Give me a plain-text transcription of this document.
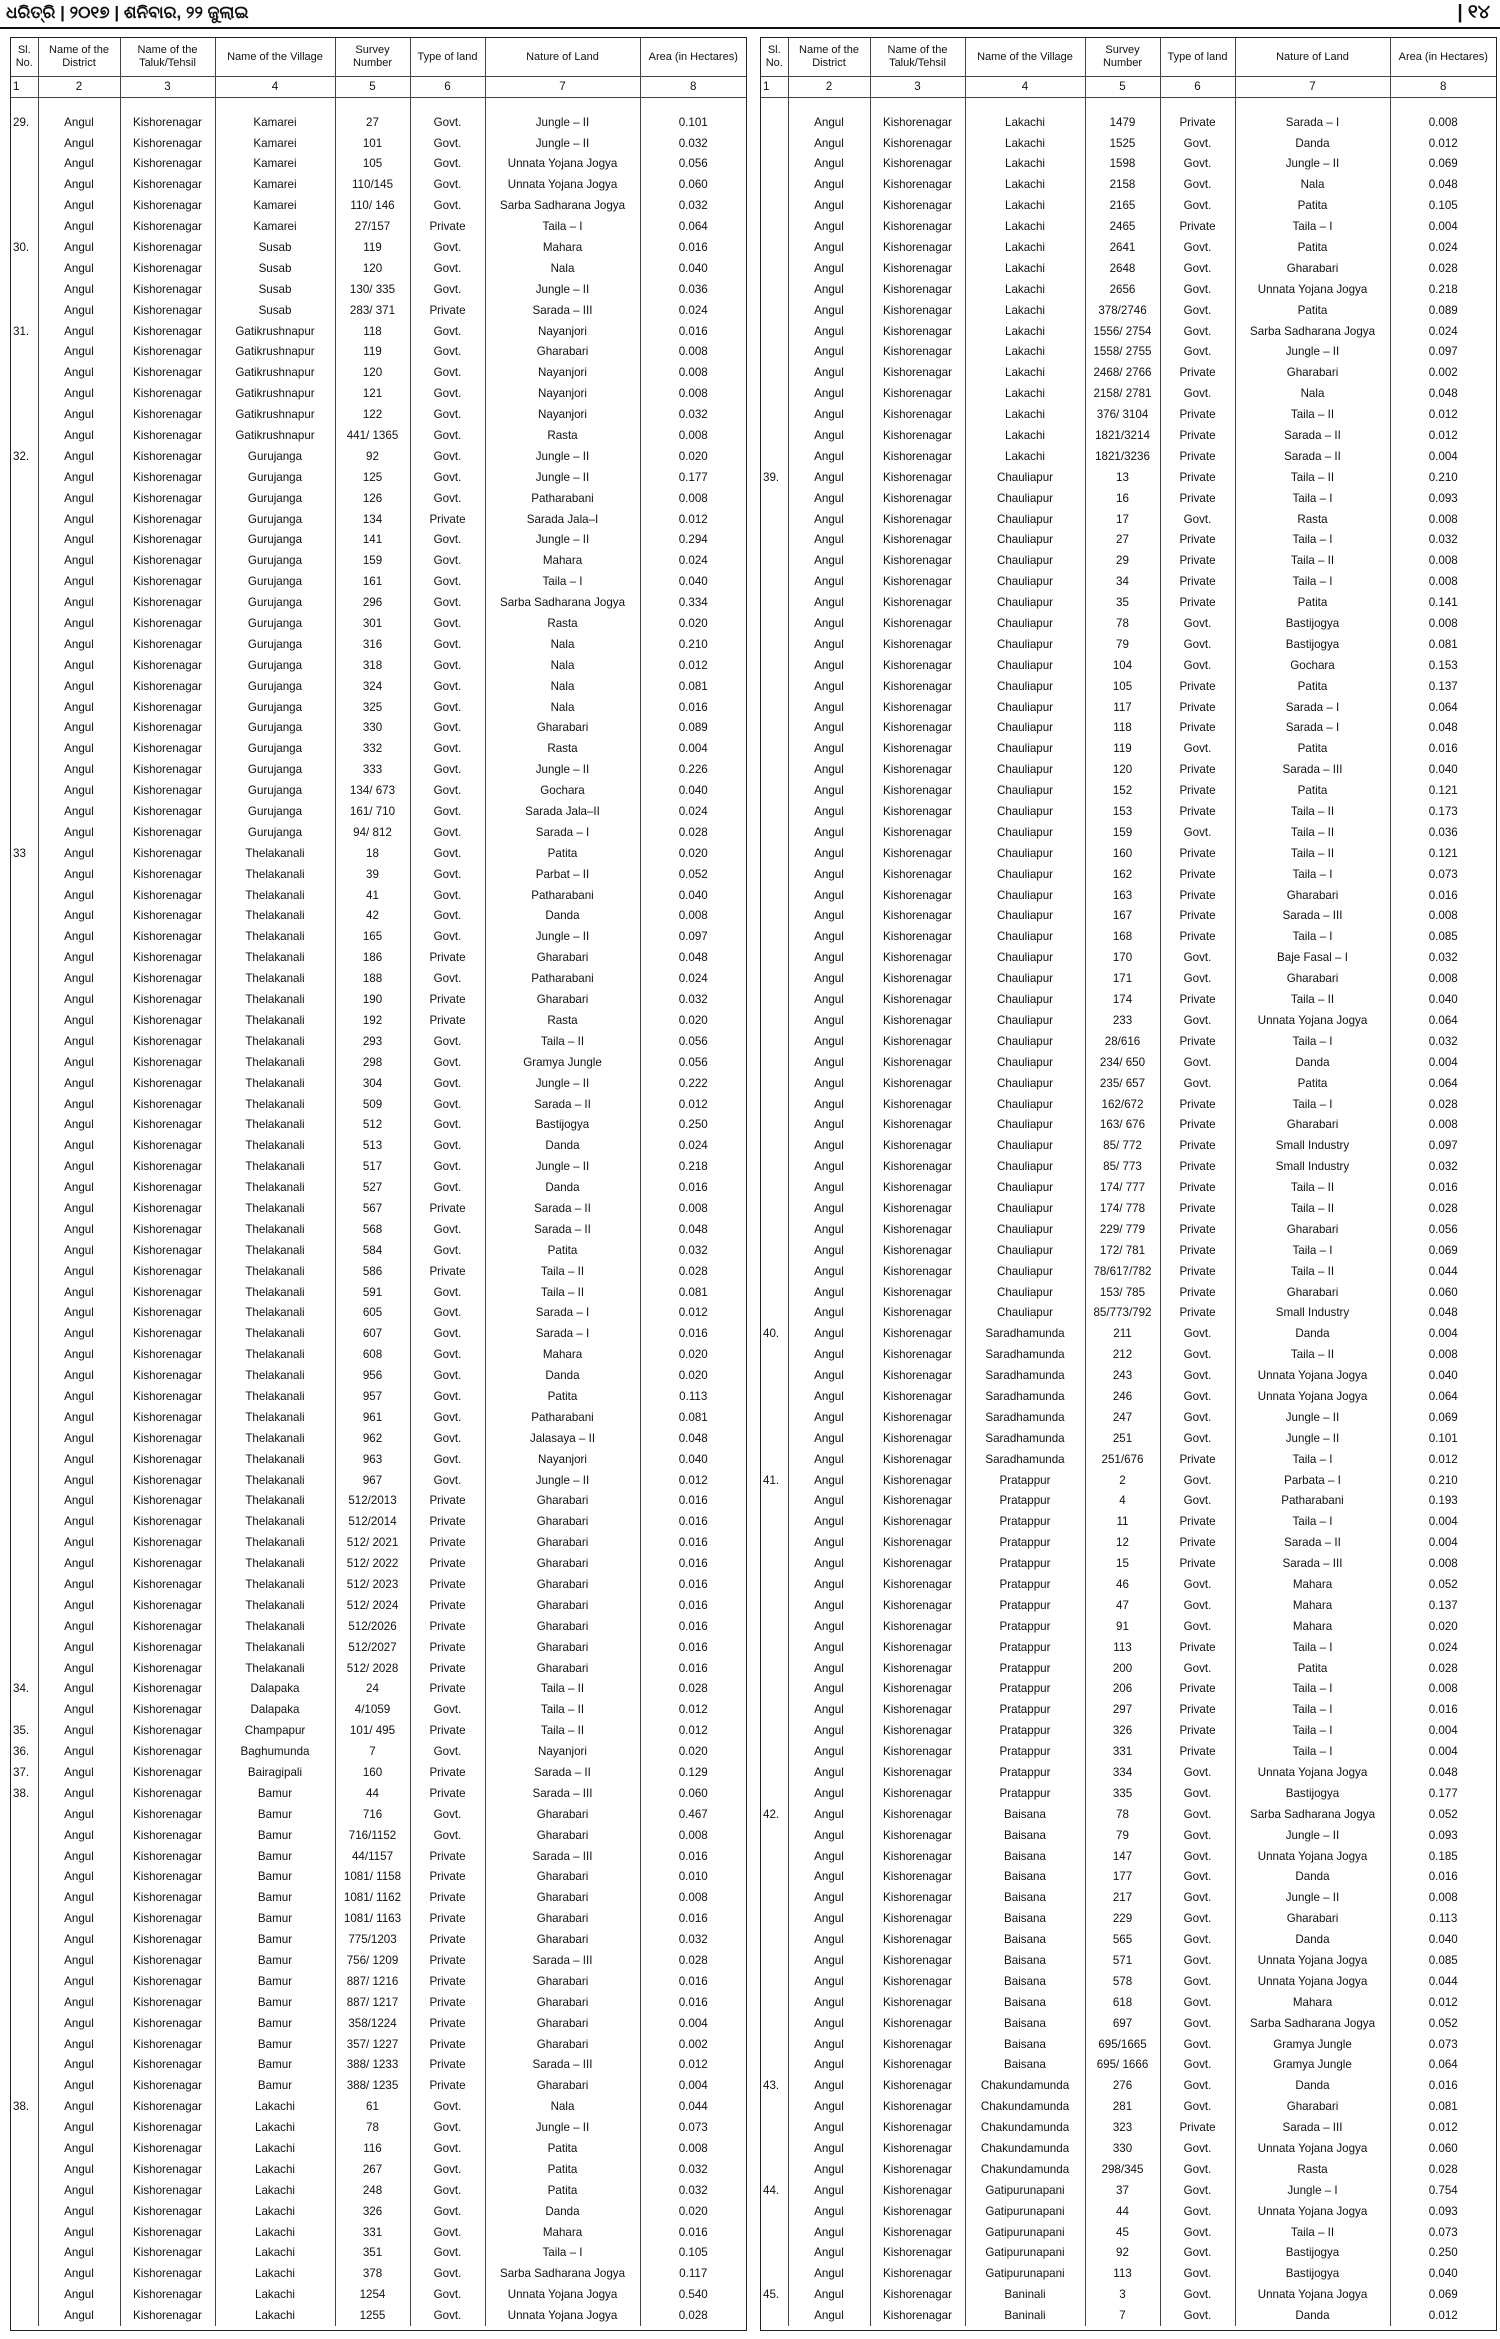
ଧରିତ୍ରି | ୨୦୧୭ | ଶନିବାର, ୨୨ ଜୁଲାଇ	| ୧୪
Sl. No.	Name of the District	Name of the Taluk/Tehsil	Name of the Village	Survey Number	Type of land	Nature of Land	Area (in Hectares)
1	2	3	4	5	6	7	8

29.	Angul	Kishorenagar	Kamarei	27	Govt.	Jungle – II	0.101
	Angul	Kishorenagar	Kamarei	101	Govt.	Jungle – II	0.032
	Angul	Kishorenagar	Kamarei	105	Govt.	Unnata Yojana Jogya	0.056
	Angul	Kishorenagar	Kamarei	110/145	Govt.	Unnata Yojana Jogya	0.060
	Angul	Kishorenagar	Kamarei	110/ 146	Govt.	Sarba Sadharana Jogya	0.032
	Angul	Kishorenagar	Kamarei	27/157	Private	Taila – I	0.064
30.	Angul	Kishorenagar	Susab	119	Govt.	Mahara	0.016
	Angul	Kishorenagar	Susab	120	Govt.	Nala	0.040
	Angul	Kishorenagar	Susab	130/ 335	Govt.	Jungle – II	0.036
	Angul	Kishorenagar	Susab	283/ 371	Private	Sarada – III	0.024
31.	Angul	Kishorenagar	Gatikrushnapur	118	Govt.	Nayanjori	0.016
	Angul	Kishorenagar	Gatikrushnapur	119	Govt.	Gharabari	0.008
	Angul	Kishorenagar	Gatikrushnapur	120	Govt.	Nayanjori	0.008
	Angul	Kishorenagar	Gatikrushnapur	121	Govt.	Nayanjori	0.008
	Angul	Kishorenagar	Gatikrushnapur	122	Govt.	Nayanjori	0.032
	Angul	Kishorenagar	Gatikrushnapur	441/ 1365	Govt.	Rasta	0.008
32.	Angul	Kishorenagar	Gurujanga	92	Govt.	Jungle – II	0.020
	Angul	Kishorenagar	Gurujanga	125	Govt.	Jungle – II	0.177
	Angul	Kishorenagar	Gurujanga	126	Govt.	Patharabani	0.008
	Angul	Kishorenagar	Gurujanga	134	Private	Sarada Jala–I	0.012
	Angul	Kishorenagar	Gurujanga	141	Govt.	Jungle – II	0.294
	Angul	Kishorenagar	Gurujanga	159	Govt.	Mahara	0.024
	Angul	Kishorenagar	Gurujanga	161	Govt.	Taila – I	0.040
	Angul	Kishorenagar	Gurujanga	296	Govt.	Sarba Sadharana Jogya	0.334
	Angul	Kishorenagar	Gurujanga	301	Govt.	Rasta	0.020
	Angul	Kishorenagar	Gurujanga	316	Govt.	Nala	0.210
	Angul	Kishorenagar	Gurujanga	318	Govt.	Nala	0.012
	Angul	Kishorenagar	Gurujanga	324	Govt.	Nala	0.081
	Angul	Kishorenagar	Gurujanga	325	Govt.	Nala	0.016
	Angul	Kishorenagar	Gurujanga	330	Govt.	Gharabari	0.089
	Angul	Kishorenagar	Gurujanga	332	Govt.	Rasta	0.004
	Angul	Kishorenagar	Gurujanga	333	Govt.	Jungle – II	0.226
	Angul	Kishorenagar	Gurujanga	134/ 673	Govt.	Gochara	0.040
	Angul	Kishorenagar	Gurujanga	161/ 710	Govt.	Sarada Jala–II	0.024
	Angul	Kishorenagar	Gurujanga	94/ 812	Govt.	Sarada – I	0.028
33	Angul	Kishorenagar	Thelakanali	18	Govt.	Patita	0.020
	Angul	Kishorenagar	Thelakanali	39	Govt.	Parbat – II	0.052
	Angul	Kishorenagar	Thelakanali	41	Govt.	Patharabani	0.040
	Angul	Kishorenagar	Thelakanali	42	Govt.	Danda	0.008
	Angul	Kishorenagar	Thelakanali	165	Govt.	Jungle – II	0.097
	Angul	Kishorenagar	Thelakanali	186	Private	Gharabari	0.048
	Angul	Kishorenagar	Thelakanali	188	Govt.	Patharabani	0.024
	Angul	Kishorenagar	Thelakanali	190	Private	Gharabari	0.032
	Angul	Kishorenagar	Thelakanali	192	Private	Rasta	0.020
	Angul	Kishorenagar	Thelakanali	293	Govt.	Taila – II	0.056
	Angul	Kishorenagar	Thelakanali	298	Govt.	Gramya Jungle	0.056
	Angul	Kishorenagar	Thelakanali	304	Govt.	Jungle – II	0.222
	Angul	Kishorenagar	Thelakanali	509	Govt.	Sarada – II	0.012
	Angul	Kishorenagar	Thelakanali	512	Govt.	Bastijogya	0.250
	Angul	Kishorenagar	Thelakanali	513	Govt.	Danda	0.024
	Angul	Kishorenagar	Thelakanali	517	Govt.	Jungle – II	0.218
	Angul	Kishorenagar	Thelakanali	527	Govt.	Danda	0.016
	Angul	Kishorenagar	Thelakanali	567	Private	Sarada – II	0.008
	Angul	Kishorenagar	Thelakanali	568	Govt.	Sarada – II	0.048
	Angul	Kishorenagar	Thelakanali	584	Govt.	Patita	0.032
	Angul	Kishorenagar	Thelakanali	586	Private	Taila – II	0.028
	Angul	Kishorenagar	Thelakanali	591	Govt.	Taila – II	0.081
	Angul	Kishorenagar	Thelakanali	605	Govt.	Sarada – I	0.012
	Angul	Kishorenagar	Thelakanali	607	Govt.	Sarada – I	0.016
	Angul	Kishorenagar	Thelakanali	608	Govt.	Mahara	0.020
	Angul	Kishorenagar	Thelakanali	956	Govt.	Danda	0.020
	Angul	Kishorenagar	Thelakanali	957	Govt.	Patita	0.113
	Angul	Kishorenagar	Thelakanali	961	Govt.	Patharabani	0.081
	Angul	Kishorenagar	Thelakanali	962	Govt.	Jalasaya – II	0.048
	Angul	Kishorenagar	Thelakanali	963	Govt.	Nayanjori	0.040
	Angul	Kishorenagar	Thelakanali	967	Govt.	Jungle – II	0.012
	Angul	Kishorenagar	Thelakanali	512/2013	Private	Gharabari	0.016
	Angul	Kishorenagar	Thelakanali	512/2014	Private	Gharabari	0.016
	Angul	Kishorenagar	Thelakanali	512/ 2021	Private	Gharabari	0.016
	Angul	Kishorenagar	Thelakanali	512/ 2022	Private	Gharabari	0.016
	Angul	Kishorenagar	Thelakanali	512/ 2023	Private	Gharabari	0.016
	Angul	Kishorenagar	Thelakanali	512/ 2024	Private	Gharabari	0.016
	Angul	Kishorenagar	Thelakanali	512/2026	Private	Gharabari	0.016
	Angul	Kishorenagar	Thelakanali	512/2027	Private	Gharabari	0.016
	Angul	Kishorenagar	Thelakanali	512/ 2028	Private	Gharabari	0.016
34.	Angul	Kishorenagar	Dalapaka	24	Private	Taila – II	0.028
	Angul	Kishorenagar	Dalapaka	4/1059	Govt.	Taila – II	0.012
35.	Angul	Kishorenagar	Champapur	101/ 495	Private	Taila – II	0.012
36.	Angul	Kishorenagar	Baghumunda	7	Govt.	Nayanjori	0.020
37.	Angul	Kishorenagar	Bairagipali	160	Private	Sarada – II	0.129
38.	Angul	Kishorenagar	Bamur	44	Private	Sarada – III	0.060
	Angul	Kishorenagar	Bamur	716	Govt.	Gharabari	0.467
	Angul	Kishorenagar	Bamur	716/1152	Govt.	Gharabari	0.008
	Angul	Kishorenagar	Bamur	44/1157	Private	Sarada – III	0.016
	Angul	Kishorenagar	Bamur	1081/ 1158	Private	Gharabari	0.010
	Angul	Kishorenagar	Bamur	1081/ 1162	Private	Gharabari	0.008
	Angul	Kishorenagar	Bamur	1081/ 1163	Private	Gharabari	0.016
	Angul	Kishorenagar	Bamur	775/1203	Private	Gharabari	0.032
	Angul	Kishorenagar	Bamur	756/ 1209	Private	Sarada – III	0.028
	Angul	Kishorenagar	Bamur	887/ 1216	Private	Gharabari	0.016
	Angul	Kishorenagar	Bamur	887/ 1217	Private	Gharabari	0.016
	Angul	Kishorenagar	Bamur	358/1224	Private	Gharabari	0.004
	Angul	Kishorenagar	Bamur	357/ 1227	Private	Gharabari	0.002
	Angul	Kishorenagar	Bamur	388/ 1233	Private	Sarada – III	0.012
	Angul	Kishorenagar	Bamur	388/ 1235	Private	Gharabari	0.004
38.	Angul	Kishorenagar	Lakachi	61	Govt.	Nala	0.044
	Angul	Kishorenagar	Lakachi	78	Govt.	Jungle – II	0.073
	Angul	Kishorenagar	Lakachi	116	Govt.	Patita	0.008
	Angul	Kishorenagar	Lakachi	267	Govt.	Patita	0.032
	Angul	Kishorenagar	Lakachi	248	Govt.	Patita	0.032
	Angul	Kishorenagar	Lakachi	326	Govt.	Danda	0.020
	Angul	Kishorenagar	Lakachi	331	Govt.	Mahara	0.016
	Angul	Kishorenagar	Lakachi	351	Govt.	Taila – I	0.105
	Angul	Kishorenagar	Lakachi	378	Govt.	Sarba Sadharana Jogya	0.117
	Angul	Kishorenagar	Lakachi	1254	Govt.	Unnata Yojana Jogya	0.540
	Angul	Kishorenagar	Lakachi	1255	Govt.	Unnata Yojana Jogya	0.028
Sl. No.	Name of the District	Name of the Taluk/Tehsil	Name of the Village	Survey Number	Type of land	Nature of Land	Area (in Hectares)
1	2	3	4	5	6	7	8

	Angul	Kishorenagar	Lakachi	1479	Private	Sarada – I	0.008
	Angul	Kishorenagar	Lakachi	1525	Govt.	Danda	0.012
	Angul	Kishorenagar	Lakachi	1598	Govt.	Jungle – II	0.069
	Angul	Kishorenagar	Lakachi	2158	Govt.	Nala	0.048
	Angul	Kishorenagar	Lakachi	2165	Govt.	Patita	0.105
	Angul	Kishorenagar	Lakachi	2465	Private	Taila – I	0.004
	Angul	Kishorenagar	Lakachi	2641	Govt.	Patita	0.024
	Angul	Kishorenagar	Lakachi	2648	Govt.	Gharabari	0.028
	Angul	Kishorenagar	Lakachi	2656	Govt.	Unnata Yojana Jogya	0.218
	Angul	Kishorenagar	Lakachi	378/2746	Govt.	Patita	0.089
	Angul	Kishorenagar	Lakachi	1556/ 2754	Govt.	Sarba Sadharana Jogya	0.024
	Angul	Kishorenagar	Lakachi	1558/ 2755	Govt.	Jungle – II	0.097
	Angul	Kishorenagar	Lakachi	2468/ 2766	Private	Gharabari	0.002
	Angul	Kishorenagar	Lakachi	2158/ 2781	Govt.	Nala	0.048
	Angul	Kishorenagar	Lakachi	376/ 3104	Private	Taila – II	0.012
	Angul	Kishorenagar	Lakachi	1821/3214	Private	Sarada – II	0.012
	Angul	Kishorenagar	Lakachi	1821/3236	Private	Sarada – II	0.004
39.	Angul	Kishorenagar	Chauliapur	13	Private	Taila – II	0.210
	Angul	Kishorenagar	Chauliapur	16	Private	Taila – I	0.093
	Angul	Kishorenagar	Chauliapur	17	Govt.	Rasta	0.008
	Angul	Kishorenagar	Chauliapur	27	Private	Taila – I	0.032
	Angul	Kishorenagar	Chauliapur	29	Private	Taila – II	0.008
	Angul	Kishorenagar	Chauliapur	34	Private	Taila – I	0.008
	Angul	Kishorenagar	Chauliapur	35	Private	Patita	0.141
	Angul	Kishorenagar	Chauliapur	78	Govt.	Bastijogya	0.008
	Angul	Kishorenagar	Chauliapur	79	Govt.	Bastijogya	0.081
	Angul	Kishorenagar	Chauliapur	104	Govt.	Gochara	0.153
	Angul	Kishorenagar	Chauliapur	105	Private	Patita	0.137
	Angul	Kishorenagar	Chauliapur	117	Private	Sarada – I	0.064
	Angul	Kishorenagar	Chauliapur	118	Private	Sarada – I	0.048
	Angul	Kishorenagar	Chauliapur	119	Govt.	Patita	0.016
	Angul	Kishorenagar	Chauliapur	120	Private	Sarada – III	0.040
	Angul	Kishorenagar	Chauliapur	152	Private	Patita	0.121
	Angul	Kishorenagar	Chauliapur	153	Private	Taila – II	0.173
	Angul	Kishorenagar	Chauliapur	159	Govt.	Taila – II	0.036
	Angul	Kishorenagar	Chauliapur	160	Private	Taila – II	0.121
	Angul	Kishorenagar	Chauliapur	162	Private	Taila – I	0.073
	Angul	Kishorenagar	Chauliapur	163	Private	Gharabari	0.016
	Angul	Kishorenagar	Chauliapur	167	Private	Sarada – III	0.008
	Angul	Kishorenagar	Chauliapur	168	Private	Taila – I	0.085
	Angul	Kishorenagar	Chauliapur	170	Govt.	Baje Fasal – I	0.032
	Angul	Kishorenagar	Chauliapur	171	Govt.	Gharabari	0.008
	Angul	Kishorenagar	Chauliapur	174	Private	Taila – II	0.040
	Angul	Kishorenagar	Chauliapur	233	Govt.	Unnata Yojana Jogya	0.064
	Angul	Kishorenagar	Chauliapur	28/616	Private	Taila – I	0.032
	Angul	Kishorenagar	Chauliapur	234/ 650	Govt.	Danda	0.004
	Angul	Kishorenagar	Chauliapur	235/ 657	Govt.	Patita	0.064
	Angul	Kishorenagar	Chauliapur	162/672	Private	Taila – I	0.028
	Angul	Kishorenagar	Chauliapur	163/ 676	Private	Gharabari	0.008
	Angul	Kishorenagar	Chauliapur	85/ 772	Private	Small Industry	0.097
	Angul	Kishorenagar	Chauliapur	85/ 773	Private	Small Industry	0.032
	Angul	Kishorenagar	Chauliapur	174/ 777	Private	Taila – II	0.016
	Angul	Kishorenagar	Chauliapur	174/ 778	Private	Taila – II	0.028
	Angul	Kishorenagar	Chauliapur	229/ 779	Private	Gharabari	0.056
	Angul	Kishorenagar	Chauliapur	172/ 781	Private	Taila – I	0.069
	Angul	Kishorenagar	Chauliapur	78/617/782	Private	Taila – II	0.044
	Angul	Kishorenagar	Chauliapur	153/ 785	Private	Gharabari	0.060
	Angul	Kishorenagar	Chauliapur	85/773/792	Private	Small Industry	0.048
40.	Angul	Kishorenagar	Saradhamunda	211	Govt.	Danda	0.004
	Angul	Kishorenagar	Saradhamunda	212	Govt.	Taila – II	0.008
	Angul	Kishorenagar	Saradhamunda	243	Govt.	Unnata Yojana Jogya	0.040
	Angul	Kishorenagar	Saradhamunda	246	Govt.	Unnata Yojana Jogya	0.064
	Angul	Kishorenagar	Saradhamunda	247	Govt.	Jungle – II	0.069
	Angul	Kishorenagar	Saradhamunda	251	Govt.	Jungle – II	0.101
	Angul	Kishorenagar	Saradhamunda	251/676	Private	Taila – I	0.012
41.	Angul	Kishorenagar	Pratappur	2	Govt.	Parbata – I	0.210
	Angul	Kishorenagar	Pratappur	4	Govt.	Patharabani	0.193
	Angul	Kishorenagar	Pratappur	11	Private	Taila – I	0.004
	Angul	Kishorenagar	Pratappur	12	Private	Sarada – II	0.004
	Angul	Kishorenagar	Pratappur	15	Private	Sarada – III	0.008
	Angul	Kishorenagar	Pratappur	46	Govt.	Mahara	0.052
	Angul	Kishorenagar	Pratappur	47	Govt.	Mahara	0.137
	Angul	Kishorenagar	Pratappur	91	Govt.	Mahara	0.020
	Angul	Kishorenagar	Pratappur	113	Private	Taila – I	0.024
	Angul	Kishorenagar	Pratappur	200	Govt.	Patita	0.028
	Angul	Kishorenagar	Pratappur	206	Private	Taila – I	0.008
	Angul	Kishorenagar	Pratappur	297	Private	Taila – I	0.016
	Angul	Kishorenagar	Pratappur	326	Private	Taila – I	0.004
	Angul	Kishorenagar	Pratappur	331	Private	Taila – I	0.004
	Angul	Kishorenagar	Pratappur	334	Govt.	Unnata Yojana Jogya	0.048
	Angul	Kishorenagar	Pratappur	335	Govt.	Bastijogya	0.177
42.	Angul	Kishorenagar	Baisana	78	Govt.	Sarba Sadharana Jogya	0.052
	Angul	Kishorenagar	Baisana	79	Govt.	Jungle – II	0.093
	Angul	Kishorenagar	Baisana	147	Govt.	Unnata Yojana Jogya	0.185
	Angul	Kishorenagar	Baisana	177	Govt.	Danda	0.016
	Angul	Kishorenagar	Baisana	217	Govt.	Jungle – II	0.008
	Angul	Kishorenagar	Baisana	229	Govt.	Gharabari	0.113
	Angul	Kishorenagar	Baisana	565	Govt.	Danda	0.040
	Angul	Kishorenagar	Baisana	571	Govt.	Unnata Yojana Jogya	0.085
	Angul	Kishorenagar	Baisana	578	Govt.	Unnata Yojana Jogya	0.044
	Angul	Kishorenagar	Baisana	618	Govt.	Mahara	0.012
	Angul	Kishorenagar	Baisana	697	Govt.	Sarba Sadharana Jogya	0.052
	Angul	Kishorenagar	Baisana	695/1665	Govt.	Gramya Jungle	0.073
	Angul	Kishorenagar	Baisana	695/ 1666	Govt.	Gramya Jungle	0.064
43.	Angul	Kishorenagar	Chakundamunda	276	Govt.	Danda	0.016
	Angul	Kishorenagar	Chakundamunda	281	Govt.	Gharabari	0.081
	Angul	Kishorenagar	Chakundamunda	323	Private	Sarada – III	0.012
	Angul	Kishorenagar	Chakundamunda	330	Govt.	Unnata Yojana Jogya	0.060
	Angul	Kishorenagar	Chakundamunda	298/345	Govt.	Rasta	0.028
44.	Angul	Kishorenagar	Gatipurunapani	37	Govt.	Jungle – I	0.754
	Angul	Kishorenagar	Gatipurunapani	44	Govt.	Unnata Yojana Jogya	0.093
	Angul	Kishorenagar	Gatipurunapani	45	Govt.	Taila – II	0.073
	Angul	Kishorenagar	Gatipurunapani	92	Govt.	Bastijogya	0.250
	Angul	Kishorenagar	Gatipurunapani	113	Govt.	Bastijogya	0.040
45.	Angul	Kishorenagar	Baninali	3	Govt.	Unnata Yojana Jogya	0.069
	Angul	Kishorenagar	Baninali	7	Govt.	Danda	0.012
